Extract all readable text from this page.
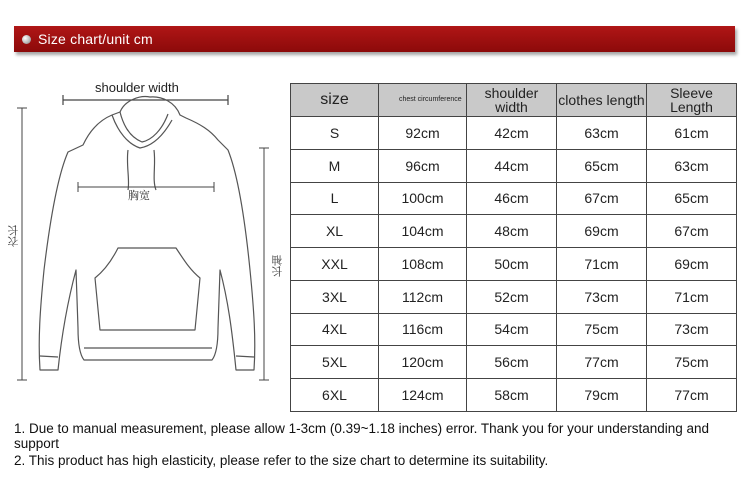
Size chart/unit cm
shoulder width
胸宽
衣长
长袖
size	chest circumference	shoulder width	clothes length	Sleeve Length
S	92cm	42cm	63cm	61cm
M	96cm	44cm	65cm	63cm
L	100cm	46cm	67cm	65cm
XL	104cm	48cm	69cm	67cm
XXL	108cm	50cm	71cm	69cm
3XL	112cm	52cm	73cm	71cm
4XL	116cm	54cm	75cm	73cm
5XL	120cm	56cm	77cm	75cm
6XL	124cm	58cm	79cm	77cm

1. Due to manual measurement, please allow 1-3cm (0.39~1.18 inches) error. Thank you for your understanding and support

2. This product has high elasticity, please refer to the size chart to determine its suitability.
